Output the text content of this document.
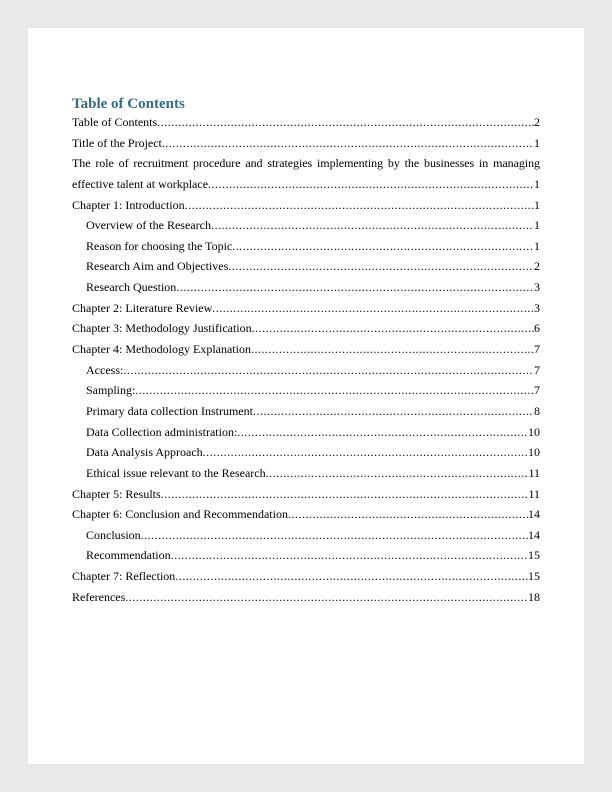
Table of Contents
Table of Contents .....	2
Title of the Project .....	1
The role of recruitment procedure and strategies implementing by the businesses in managing
effective talent at workplace .....	1
Chapter 1: Introduction .....	1
Overview of the Research .....	1
Reason for choosing the Topic .....	1
Research Aim and Objectives .....	2
Research Question .....	3
Chapter 2: Literature Review .....	3
Chapter 3: Methodology Justification .....	6
Chapter 4: Methodology Explanation .....	7
Access: .....	7
Sampling: .....	7
Primary data collection Instrument .....	8
Data Collection administration: .....	10
Data Analysis Approach .....	10
Ethical issue relevant to the Research .....	11
Chapter 5: Results .....	11
Chapter 6: Conclusion and Recommendation .....	14
Conclusion .....	14
Recommendation .....	15
Chapter 7: Reflection .....	15
References .....	18
